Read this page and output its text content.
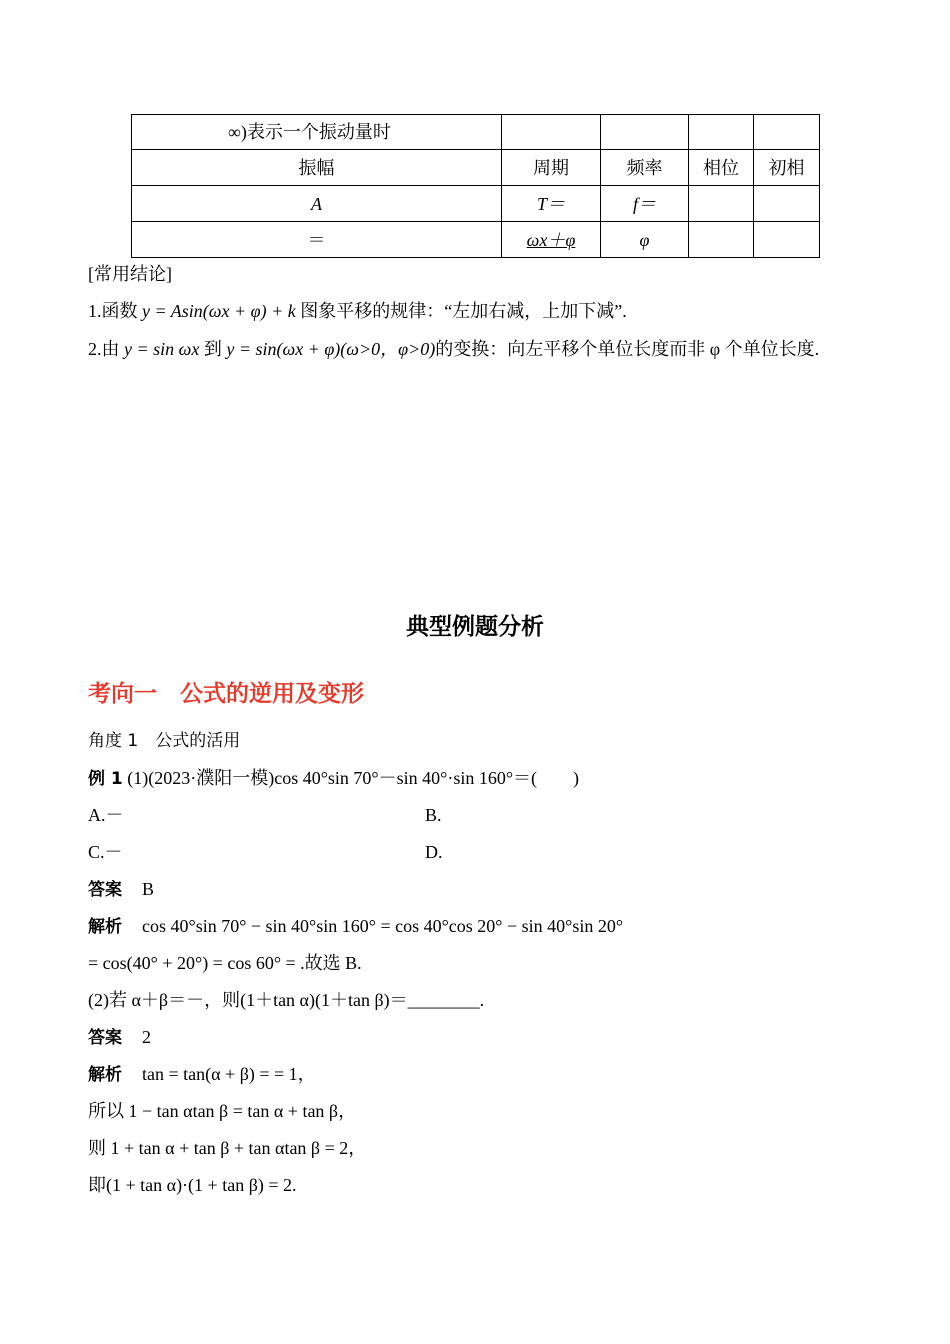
∞)表示一个振动量时				
振幅	周期	频率	相位	初相
A	T＝	f＝		
＝	ωx＋φ	φ		
[常用结论]
1.函数 y = Asin(ωx + φ) + k 图象平移的规律：“左加右减，上加下减”.
2.由 y = sin ωx 到 y = sin(ωx + φ)(ω>0，φ>0)的变换：向左平移个单位长度而非 φ 个单位长度.
典型例题分析
考向一　公式的逆用及变形
角度 1　公式的活用
例 1 (1)(2023·濮阳一模)cos 40°sin 70°－sin 40°·sin 160°＝(　　)
A.－	B.
C.－	D.
答案 B
解析 cos 40°sin 70° − sin 40°sin 160° = cos 40°cos 20° − sin 40°sin 20°
= cos(40° + 20°) = cos 60° = .故选 B.
(2)若 α＋β＝－，则(1＋tan α)(1＋tan β)＝________.
答案 2
解析 tan = tan(α + β) = = 1，
所以 1 − tan αtan β = tan α + tan β，
则 1 + tan α + tan β + tan αtan β = 2，
即(1 + tan α)·(1 + tan β) = 2.
